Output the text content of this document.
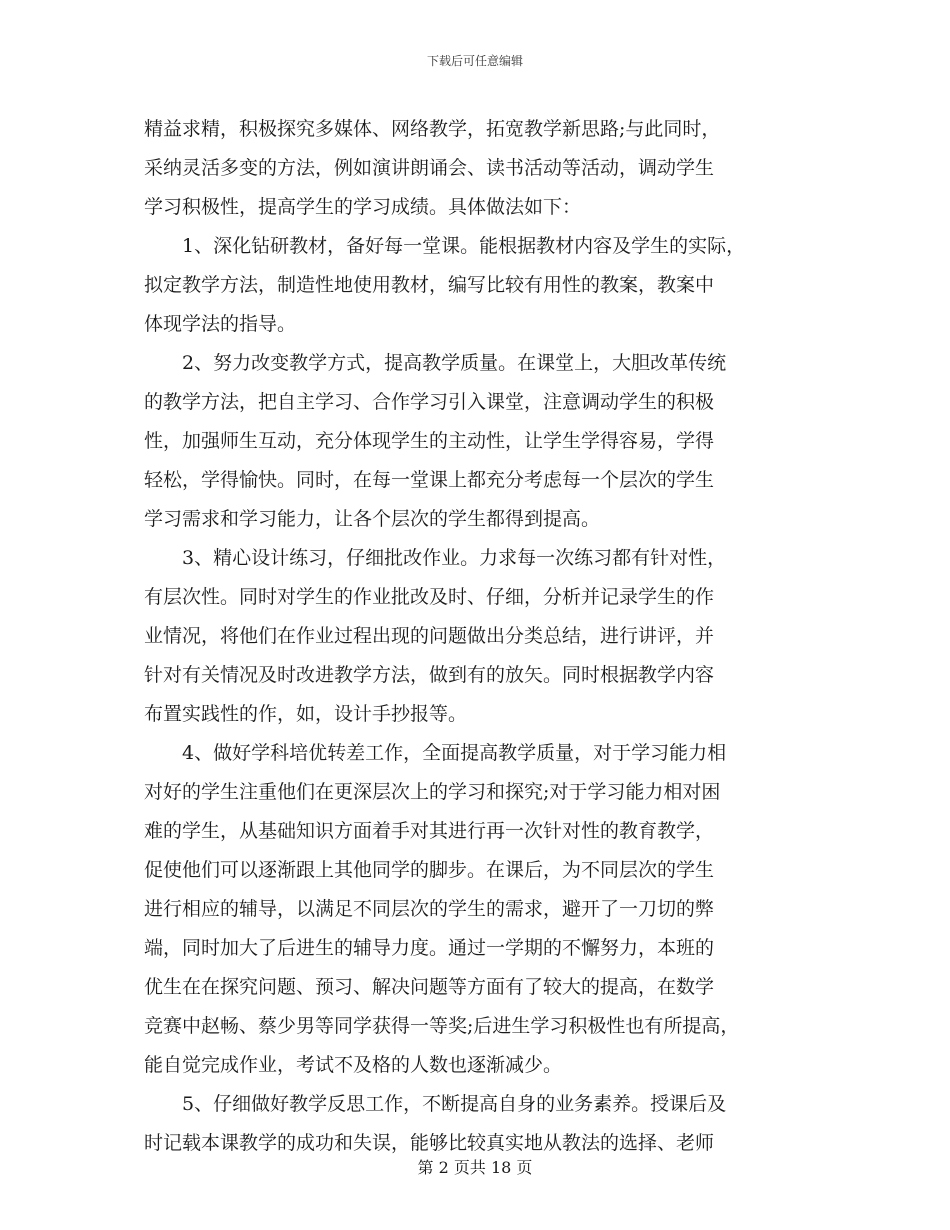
下载后可任意编辑
精益求精，积极探究多媒体、网络教学，拓宽教学新思路;与此同时，
采纳灵活多变的方法，例如演讲朗诵会、读书活动等活动，调动学生
学习积极性，提高学生的学习成绩。具体做法如下：
　　1、深化钻研教材，备好每一堂课。能根据教材内容及学生的实际，
拟定教学方法，制造性地使用教材，编写比较有用性的教案，教案中
体现学法的指导。
　　2、努力改变教学方式，提高教学质量。在课堂上，大胆改革传统
的教学方法，把自主学习、合作学习引入课堂，注意调动学生的积极
性，加强师生互动，充分体现学生的主动性，让学生学得容易，学得
轻松，学得愉快。同时，在每一堂课上都充分考虑每一个层次的学生
学习需求和学习能力，让各个层次的学生都得到提高。
　　3、精心设计练习，仔细批改作业。力求每一次练习都有针对性，
有层次性。同时对学生的作业批改及时、仔细，分析并记录学生的作
业情况，将他们在作业过程出现的问题做出分类总结，进行讲评，并
针对有关情况及时改进教学方法，做到有的放矢。同时根据教学内容
布置实践性的作，如，设计手抄报等。
　　4、做好学科培优转差工作，全面提高教学质量，对于学习能力相
对好的学生注重他们在更深层次上的学习和探究;对于学习能力相对困
难的学生，从基础知识方面着手对其进行再一次针对性的教育教学，
促使他们可以逐渐跟上其他同学的脚步。在课后，为不同层次的学生
进行相应的辅导，以满足不同层次的学生的需求，避开了一刀切的弊
端，同时加大了后进生的辅导力度。通过一学期的不懈努力，本班的
优生在在探究问题、预习、解决问题等方面有了较大的提高，在数学
竞赛中赵畅、蔡少男等同学获得一等奖;后进生学习积极性也有所提高，
能自觉完成作业，考试不及格的人数也逐渐减少。
　　5、仔细做好教学反思工作，不断提高自身的业务素养。授课后及
时记载本课教学的成功和失误，能够比较真实地从教法的选择、老师
第 2 页共 18 页
